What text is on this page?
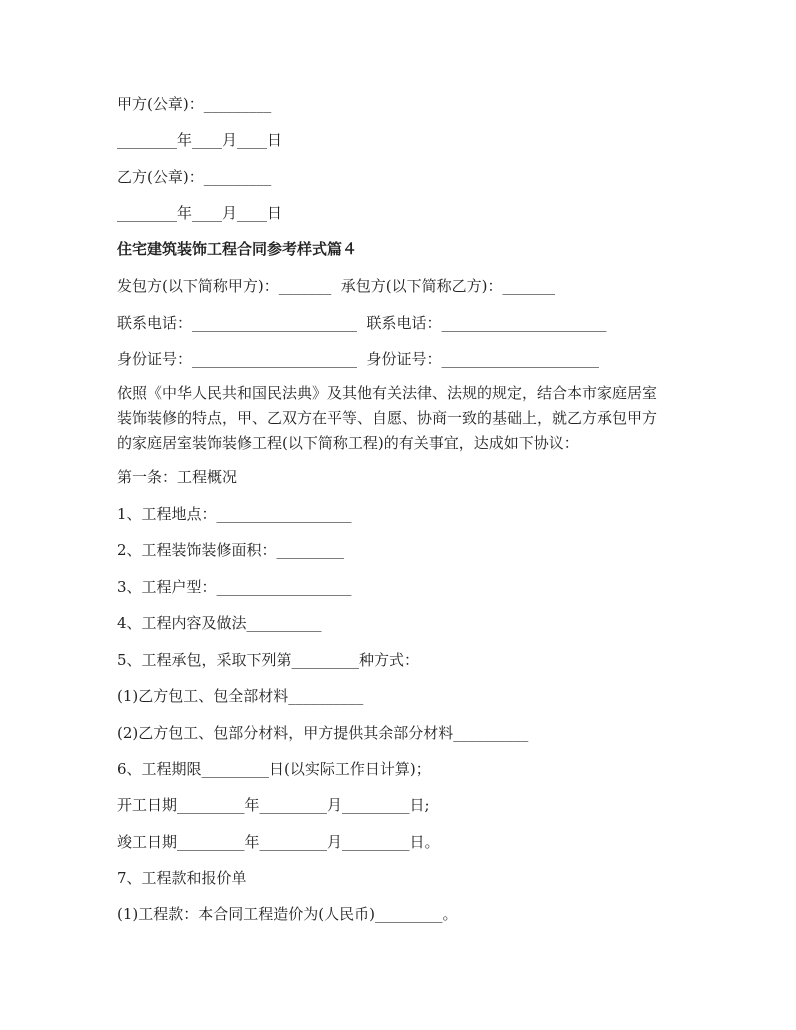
甲方(公章)：_________

________年____月____日

乙方(公章)：_________

________年____月____日

住宅建筑装饰工程合同参考样式篇４

发包方(以下简称甲方)：_______  承包方(以下简称乙方)：_______

联系电话：______________________  联系电话：______________________

身份证号：______________________  身份证号：_____________________

依照《中华人民共和国民法典》及其他有关法律、法规的规定，结合本市家庭居室
装饰装修的特点，甲、乙双方在平等、自愿、协商一致的基础上，就乙方承包甲方
的家庭居室装饰装修工程(以下简称工程)的有关事宜，达成如下协议：

第一条：工程概况

1、工程地点：__________________

2、工程装饰装修面积：_________

3、工程户型：__________________

4、工程内容及做法__________

5、工程承包，采取下列第_________种方式：

(1)乙方包工、包全部材料__________

(2)乙方包工、包部分材料，甲方提供其余部分材料__________

6、工程期限_________日(以实际工作日计算)；

开工日期_________年_________月_________日;

竣工日期_________年_________月_________日。

7、工程款和报价单

(1)工程款：本合同工程造价为(人民币)_________。
